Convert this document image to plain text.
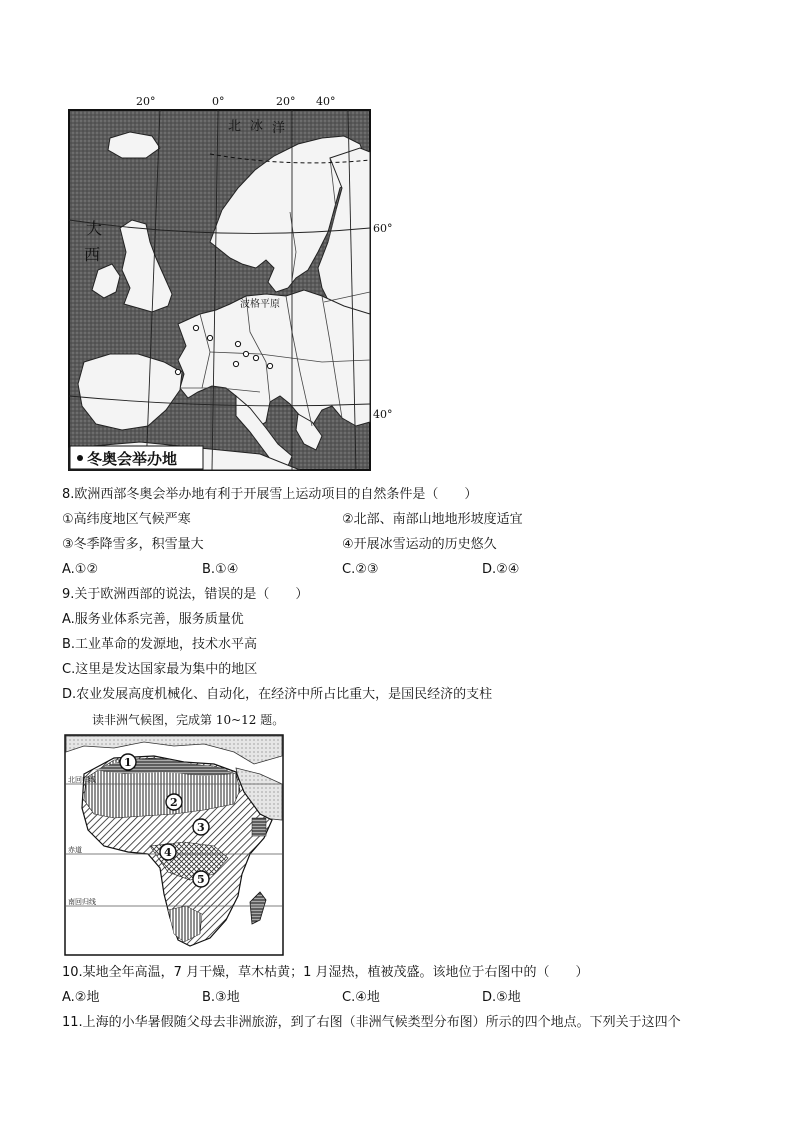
北 冰 洋
大
西
波格平原
20°	0°	20° 40°
60°
40°
冬奥会举办地
8.欧洲西部冬奥会举办地有利于开展雪上运动项目的自然条件是（　　）
①高纬度地区气候严寒	②北部、南部山地地形坡度适宜
③冬季降雪多，积雪量大	④开展冰雪运动的历史悠久
A.①②	B.①④	C.②③	D.②④
9.关于欧洲西部的说法，错误的是（　　）
A.服务业体系完善，服务质量优
B.工业革命的发源地，技术水平高
C.这里是发达国家最为集中的地区
D.农业发展高度机械化、自动化，在经济中所占比重大，是国民经济的支柱
读非洲气候图，完成第 10~12 题。
北回归线
赤道
南回归线
1
2
3
4
5
10.某地全年高温，7 月干燥，草木枯黄；1 月湿热，植被茂盛。该地位于右图中的（　　）
A.②地	B.③地	C.④地	D.⑤地
11.上海的小华暑假随父母去非洲旅游，到了右图（非洲气候类型分布图）所示的四个地点。下列关于这四个
